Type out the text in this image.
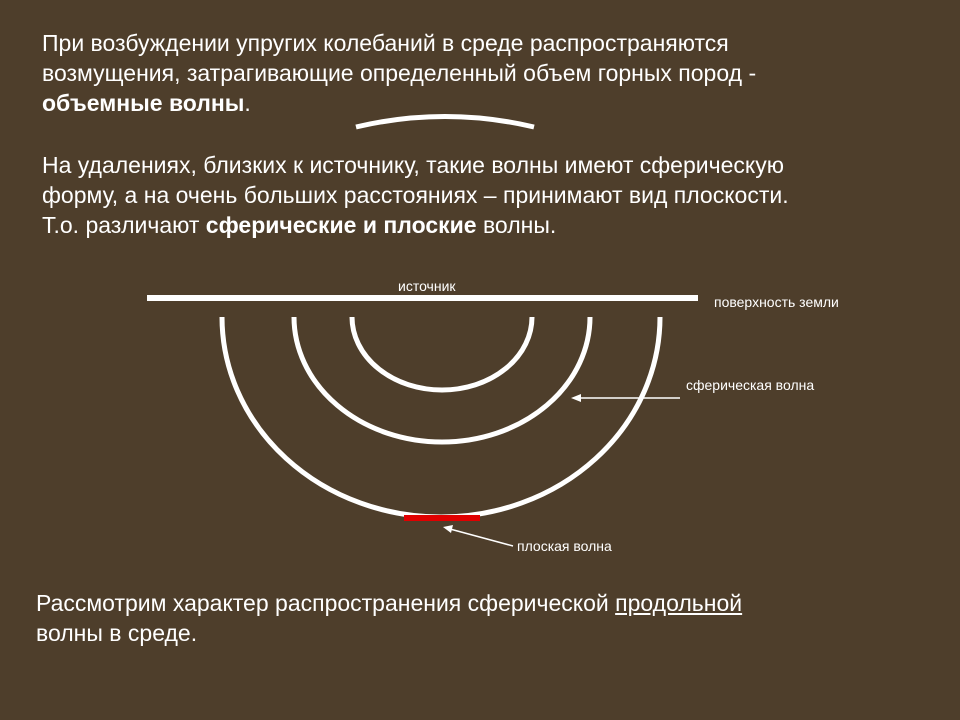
При возбуждении упругих колебаний в среде распространяются
возмущения, затрагивающие определенный объем горных пород -
объемные волны.

На удалениях, близких к источнику, такие волны имеют сферическую
форму, а на очень больших расстояниях – принимают вид плоскости.
Т.о. различают сферические и плоские волны.

источник
поверхность земли
сферическая волна
плоская волна

Рассмотрим характер распространения сферической продольной
волны в среде.
